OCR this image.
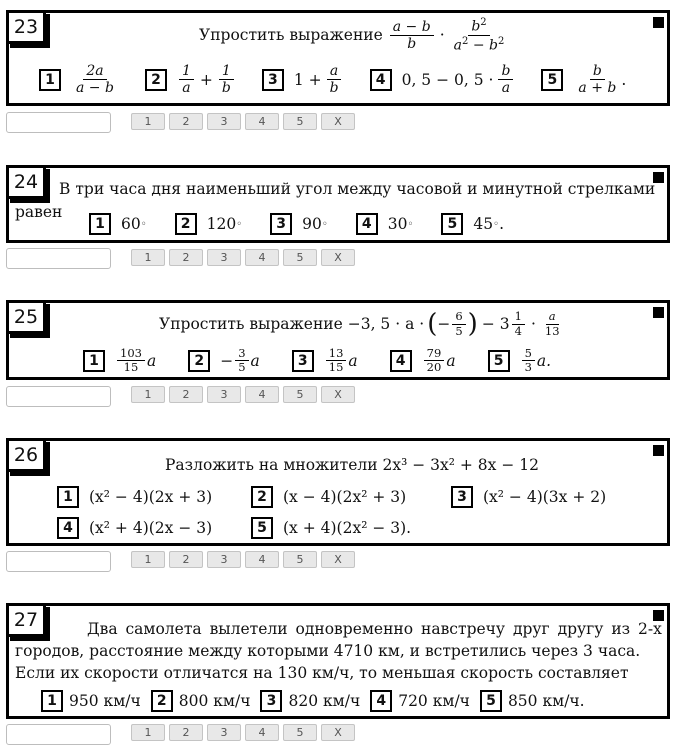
23	Упростить выражение
$\frac{a - b}{b} \cdot \frac{b^2}{a^2 - b^2}$
1	$\frac{2a}{a - b}$	2	$\frac{1}{a} + \frac{1}{b}$	3	$1 + \frac{a}{b}$	4	0, 5 − 0, $5 \cdot \frac{b}{a}$	5	$\frac{b}{a + b}$ .
1	2	3	4	5	X
24	В три часа дня наименьший угол между часовой и минутной стрелками
равен
1	60 ◦	2	120 ◦	3	90 ◦	4	30 ◦	5	45 ◦ .
1	2	3	4	5	X
25	Упростить выражение −3, 5 · a · ( − $\frac{6}{5}$ ) − $3 \frac{1}{4} \cdot \frac{a}{13}$
1	$\frac{103}{15}$ a	2	− $\frac{3}{5}$ a	3	$\frac{13}{15}$ a	4	$\frac{79}{20}$ a	5	$\frac{5}{3} a$.
1	2	3	4	5	X
26	Разложить на множители 2x³ − 3x² + 8x − 12
1	(x² − 4)(2x + 3)	2	(x − 4)(2x² + 3)	3	(x² − 4)(3x + 2)
4	(x² + 4)(2x − 3)	5	(x + 4)(2x² − 3).
1	2	3	4	5	X
27	Два самолета вылетели одновременно навстречу друг другу из 2-х
городов, расстояние между которыми 4710 км, и встретились через 3 часа.
Если их скорости отличатся на 130 км/ч, то меньшая скорость составляет
1 950 км/ч	2 800 км/ч	3 820 км/ч	4 720 км/ч	5 850 км/ч.
1	2	3	4	5	X
